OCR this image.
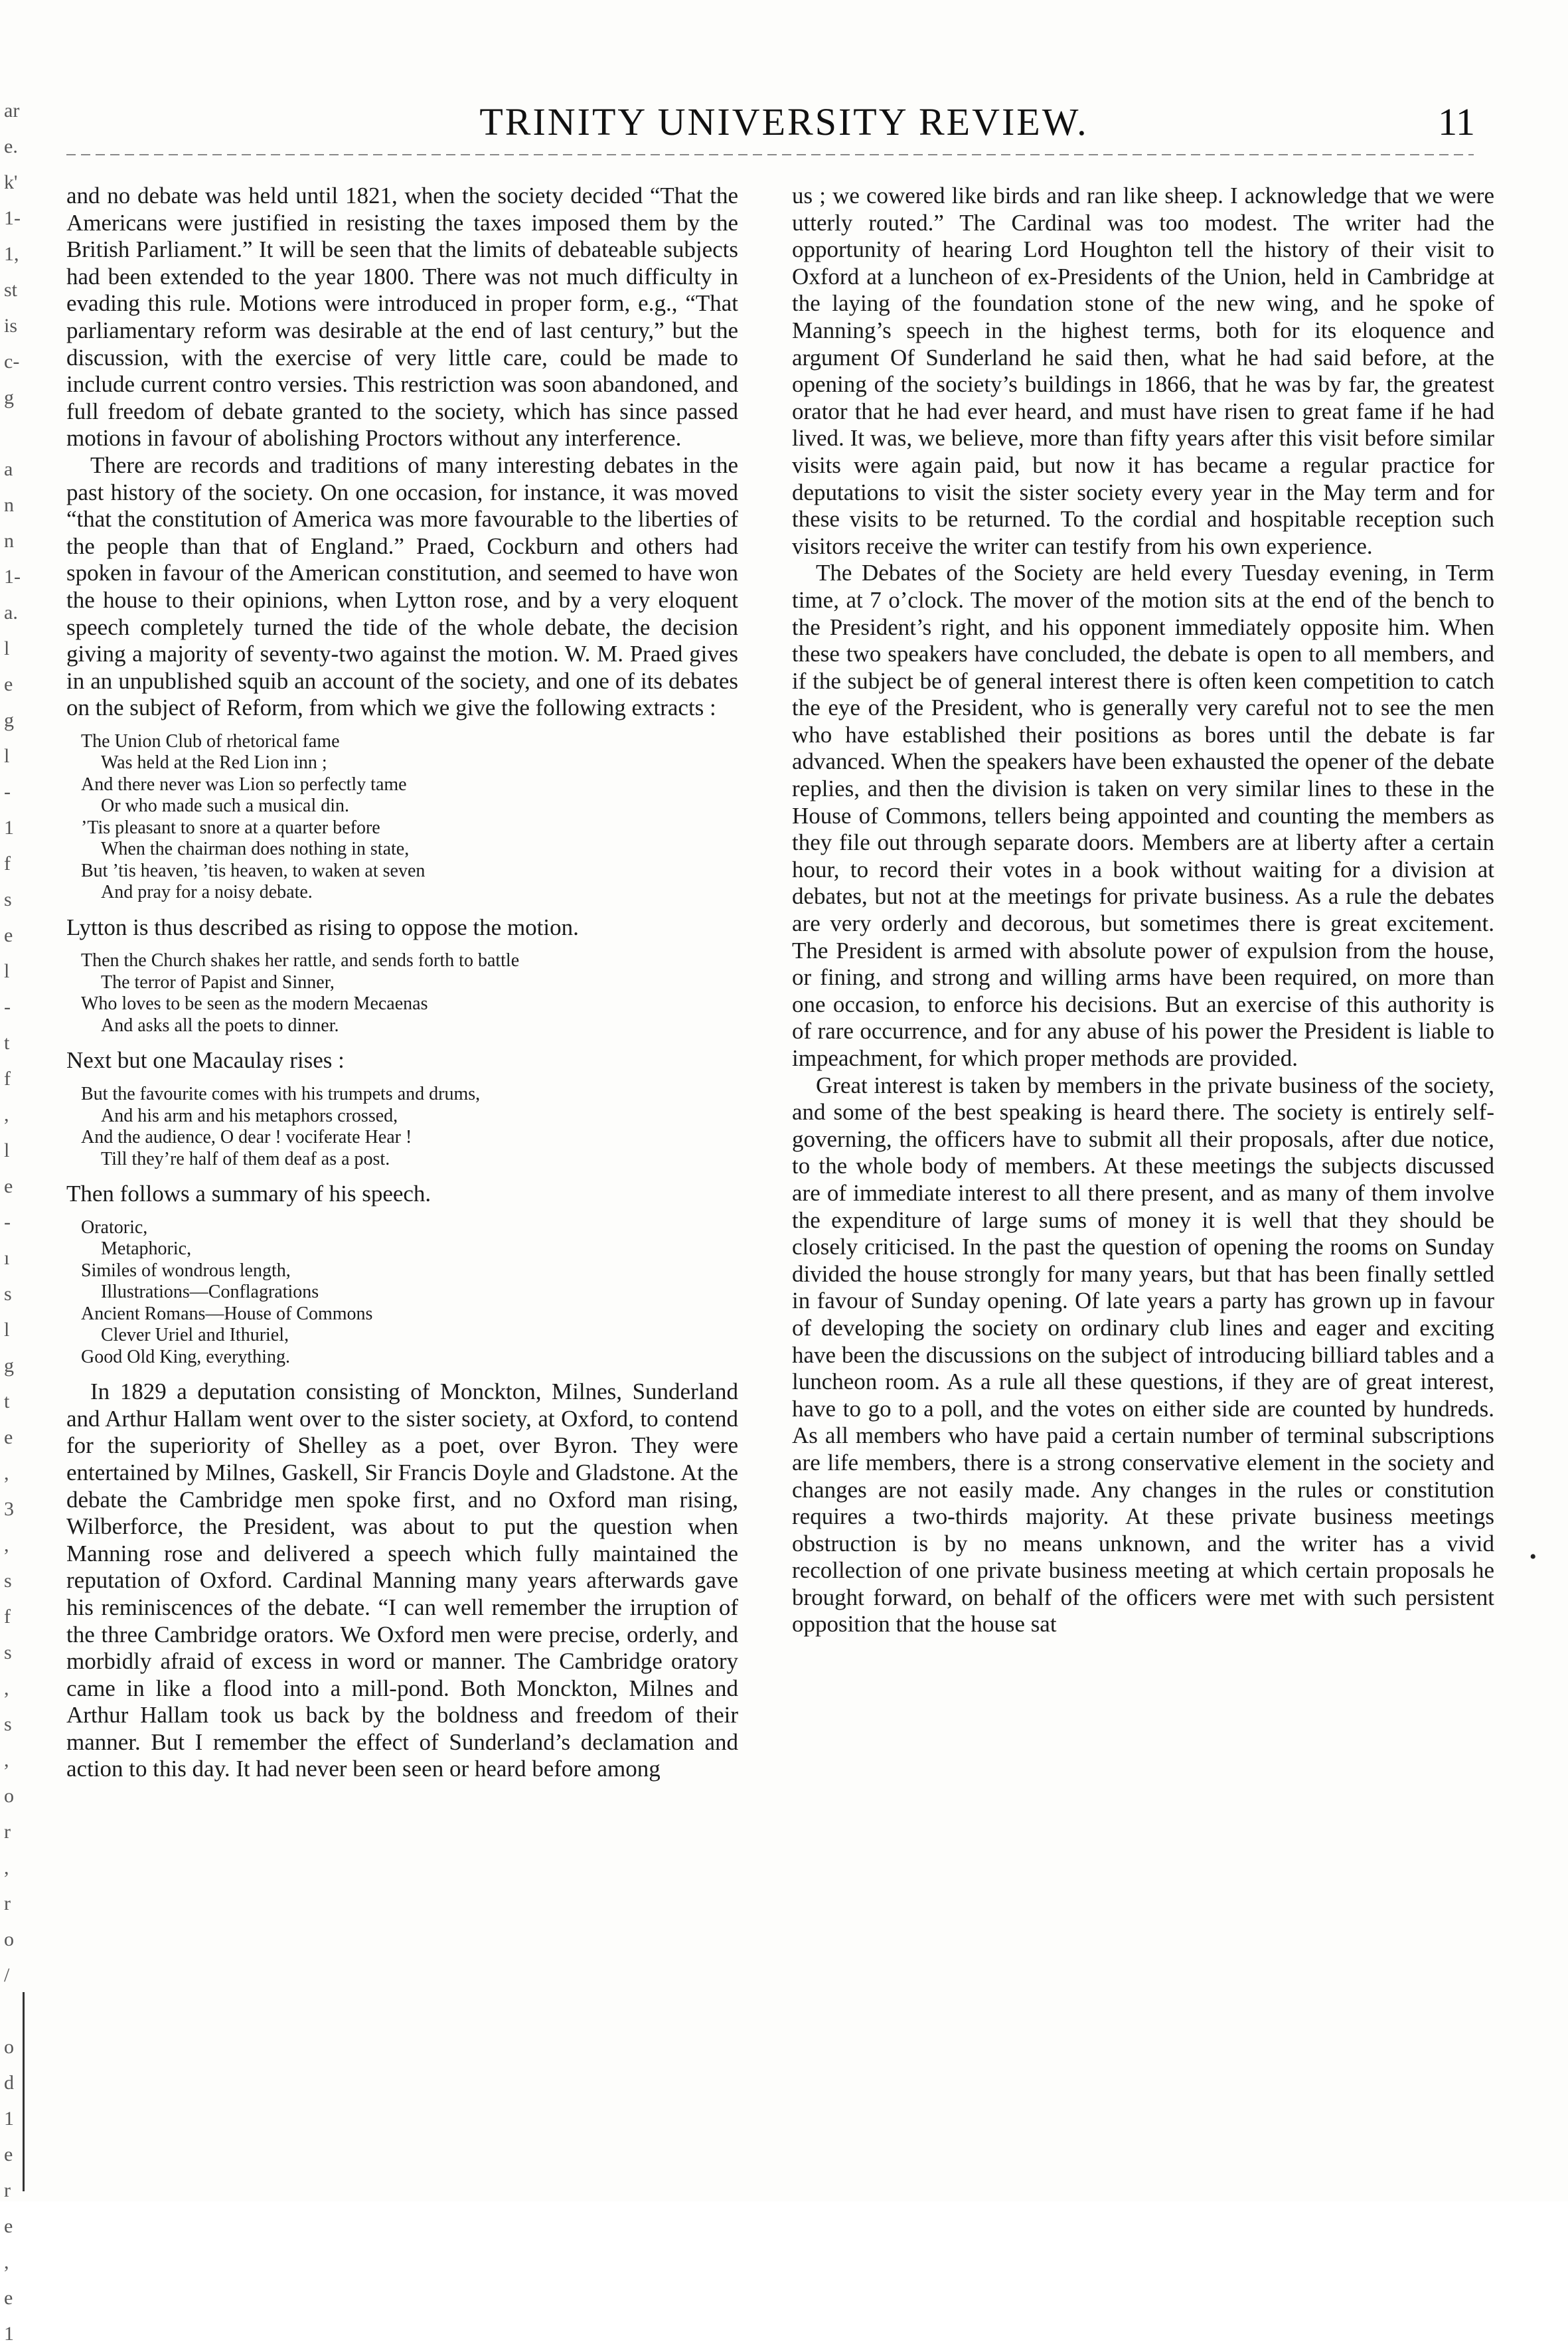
ar
e.
k'
1-
1,
st
is
c-
g

a
n
n
1-
a.
l
e
g
l
-
1
f
s
e
l
-
t
f
,
l
e
-
ı
s
l
g
t
e
,
3
,
s
f
s
,
s
,
o
r
,
r
o
/

o
d
1
e
r
e
,
e
1
TRINITY UNIVERSITY REVIEW.	11

and no debate was held until 1821, when the society decided “That the Americans were justified in resisting the taxes imposed them by the British Parliament.” It will be seen that the limits of debateable subjects had been extended to the year 1800. There was not much difficulty in evading this rule. Motions were introduced in proper form, e.g., “That parliamentary reform was desirable at the end of last century,” but the discussion, with the exercise of very little care, could be made to include current contro versies. This restriction was soon abandoned, and full freedom of debate granted to the society, which has since passed motions in favour of abolishing Proctors without any interference.

There are records and traditions of many interesting debates in the past history of the society. On one occasion, for instance, it was moved “that the constitution of America was more favourable to the liberties of the people than that of England.” Praed, Cockburn and others had spoken in favour of the American constitution, and seemed to have won the house to their opinions, when Lytton rose, and by a very eloquent speech completely turned the tide of the whole debate, the decision giving a majority of seventy-two against the motion. W. M. Praed gives in an unpublished squib an account of the society, and one of its debates on the subject of Reform, from which we give the following extracts :

The Union Club of rhetorical fame
Was held at the Red Lion inn ;
And there never was Lion so perfectly tame
Or who made such a musical din.
’Tis pleasant to snore at a quarter before
When the chairman does nothing in state,
But ’tis heaven, ’tis heaven, to waken at seven
And pray for a noisy debate.

Lytton is thus described as rising to oppose the motion.

Then the Church shakes her rattle, and sends forth to battle
The terror of Papist and Sinner,
Who loves to be seen as the modern Mecaenas
And asks all the poets to dinner.

Next but one Macaulay rises :

But the favourite comes with his trumpets and drums,
And his arm and his metaphors crossed,
And the audience, O dear ! vociferate Hear !
Till they’re half of them deaf as a post.

Then follows a summary of his speech.

Oratoric,
Metaphoric,
Similes of wondrous length,
Illustrations—Conflagrations
Ancient Romans—House of Commons
Clever Uriel and Ithuriel,
Good Old King, everything.

In 1829 a deputation consisting of Monckton, Milnes, Sunderland and Arthur Hallam went over to the sister society, at Oxford, to contend for the superiority of Shelley as a poet, over Byron. They were entertained by Milnes, Gaskell, Sir Francis Doyle and Gladstone. At the debate the Cambridge men spoke first, and no Oxford man rising, Wilberforce, the President, was about to put the question when Manning rose and delivered a speech which fully maintained the reputation of Oxford. Cardinal Manning many years afterwards gave his reminiscences of the debate. “I can well remember the irruption of the three Cambridge orators. We Oxford men were precise, orderly, and morbidly afraid of excess in word or manner. The Cambridge oratory came in like a flood into a mill-pond. Both Monckton, Milnes and Arthur Hallam took us back by the boldness and freedom of their manner. But I remember the effect of Sunderland’s declamation and action to this day. It had never been seen or heard before among

us ; we cowered like birds and ran like sheep. I acknowledge that we were utterly routed.” The Cardinal was too modest. The writer had the opportunity of hearing Lord Houghton tell the history of their visit to Oxford at a luncheon of ex-Presidents of the Union, held in Cambridge at the laying of the foundation stone of the new wing, and he spoke of Manning’s speech in the highest terms, both for its eloquence and argument Of Sunderland he said then, what he had said before, at the opening of the society’s buildings in 1866, that he was by far, the greatest orator that he had ever heard, and must have risen to great fame if he had lived. It was, we believe, more than fifty years after this visit before similar visits were again paid, but now it has became a regular practice for deputations to visit the sister society every year in the May term and for these visits to be returned. To the cordial and hospitable reception such visitors receive the writer can testify from his own experience.

The Debates of the Society are held every Tuesday evening, in Term time, at 7 o’clock. The mover of the motion sits at the end of the bench to the President’s right, and his opponent immediately opposite him. When these two speakers have concluded, the debate is open to all members, and if the subject be of general interest there is often keen competition to catch the eye of the President, who is generally very careful not to see the men who have established their positions as bores until the debate is far advanced. When the speakers have been exhausted the opener of the debate replies, and then the division is taken on very similar lines to these in the House of Commons, tellers being appointed and counting the members as they file out through separate doors. Members are at liberty after a certain hour, to record their votes in a book without waiting for a division at debates, but not at the meetings for private business. As a rule the debates are very orderly and decorous, but sometimes there is great excitement. The President is armed with absolute power of expulsion from the house, or fining, and strong and willing arms have been required, on more than one occasion, to enforce his decisions. But an exercise of this authority is of rare occurrence, and for any abuse of his power the President is liable to impeachment, for which proper methods are provided.

Great interest is taken by members in the private business of the society, and some of the best speaking is heard there. The society is entirely self-governing, the officers have to submit all their proposals, after due notice, to the whole body of members. At these meetings the subjects discussed are of immediate interest to all there present, and as many of them involve the expenditure of large sums of money it is well that they should be closely criticised. In the past the question of opening the rooms on Sunday divided the house strongly for many years, but that has been finally settled in favour of Sunday opening. Of late years a party has grown up in favour of developing the society on ordinary club lines and eager and exciting have been the discussions on the subject of introducing billiard tables and a luncheon room. As a rule all these questions, if they are of great interest, have to go to a poll, and the votes on either side are counted by hundreds. As all members who have paid a certain number of terminal subscriptions are life members, there is a strong conservative element in the society and changes are not easily made. Any changes in the rules or constitution requires a two-thirds majority. At these private business meetings obstruction is by no means unknown, and the writer has a vivid recollection of one private business meeting at which certain proposals he brought forward, on behalf of the officers were met with such persistent opposition that the house sat

•
